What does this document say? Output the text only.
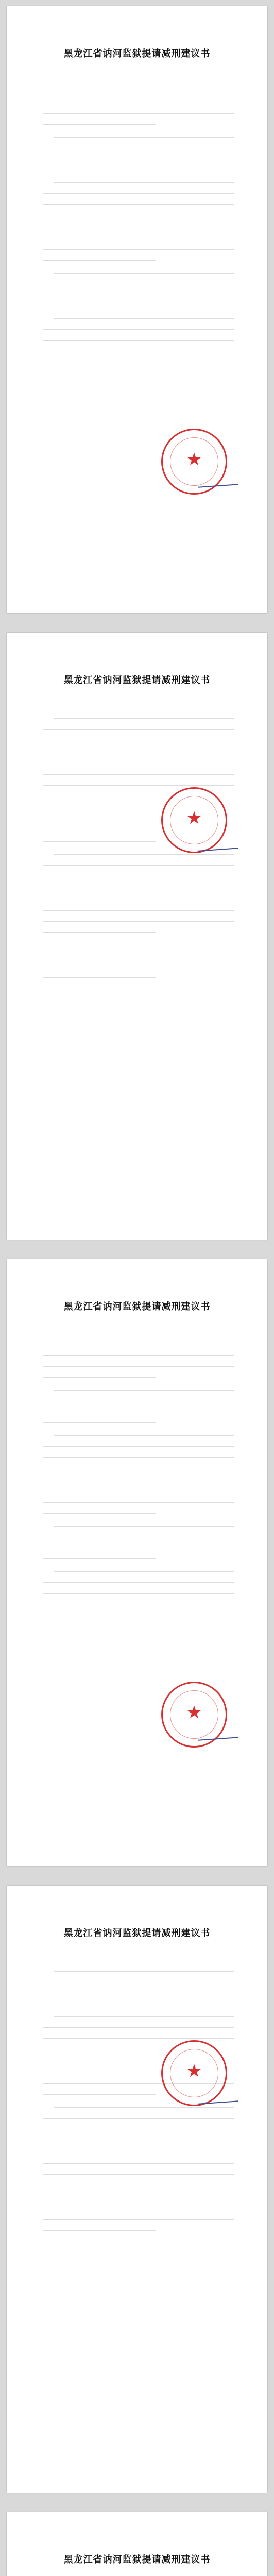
黑龙江省讷河监狱提请减刑建议书
★
黑龙江省讷河监狱提请减刑建议书
★
黑龙江省讷河监狱提请减刑建议书
★
黑龙江省讷河监狱提请减刑建议书
★
黑龙江省讷河监狱提请减刑建议书
